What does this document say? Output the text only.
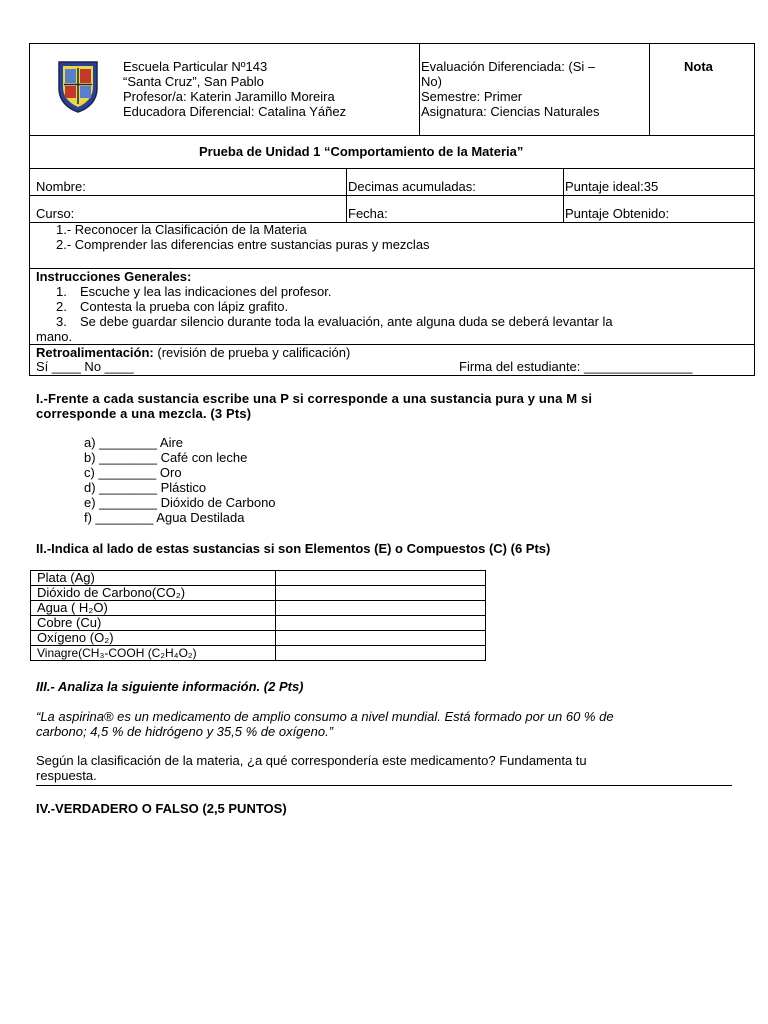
Escuela Particular Nº143
“Santa Cruz”, San Pablo
Profesor/a: Katerin Jaramillo Moreira
Educadora Diferencial: Catalina Yáñez
Evaluación Diferenciada: (Si –
No)
Semestre: Primer
Asignatura: Ciencias Naturales
Nota
Prueba de Unidad 1 “Comportamiento de la Materia”
Nombre:	Decimas acumuladas:	Puntaje ideal:35
Curso:	Fecha:	Puntaje Obtenido:
1.- Reconocer la Clasificación de la Materia
2.- Comprender las diferencias entre sustancias puras y mezclas
Instrucciones Generales:
1. Escuche y lea las indicaciones del profesor.
2. Contesta la prueba con lápiz grafito.
3. Se debe guardar silencio durante toda la evaluación, ante alguna duda se deberá levantar la
mano.
Retroalimentación: (revisión de prueba y calificación)
Sí ____ No ____	Firma del estudiante: _______________
I.-Frente a cada sustancia escribe una P si corresponde a una sustancia pura y una M si
corresponde a una mezcla. (3 Pts)
a) ________ Aire
b) ________ Café con leche
c) ________ Oro
d) ________ Plástico
e) ________ Dióxido de Carbono
f) ________ Agua Destilada
II.-Indica al lado de estas sustancias si son Elementos (E) o Compuestos (C) (6 Pts)
Plata (Ag)	
Dióxido de Carbono(CO₂)	
Agua ( H₂O)	
Cobre (Cu)	
Oxígeno (O₂)	
Vinagre(CH₃-COOH (C₂H₄O₂)	
III.- Analiza la siguiente información. (2 Pts)
“La aspirina® es un medicamento de amplio consumo a nivel mundial. Está formado por un 60 % de
carbono; 4,5 % de hidrógeno y 35,5 % de oxígeno.”
Según la clasificación de la materia, ¿a qué correspondería este medicamento? Fundamenta tu
respuesta.
IV.-VERDADERO O FALSO (2,5 PUNTOS)
